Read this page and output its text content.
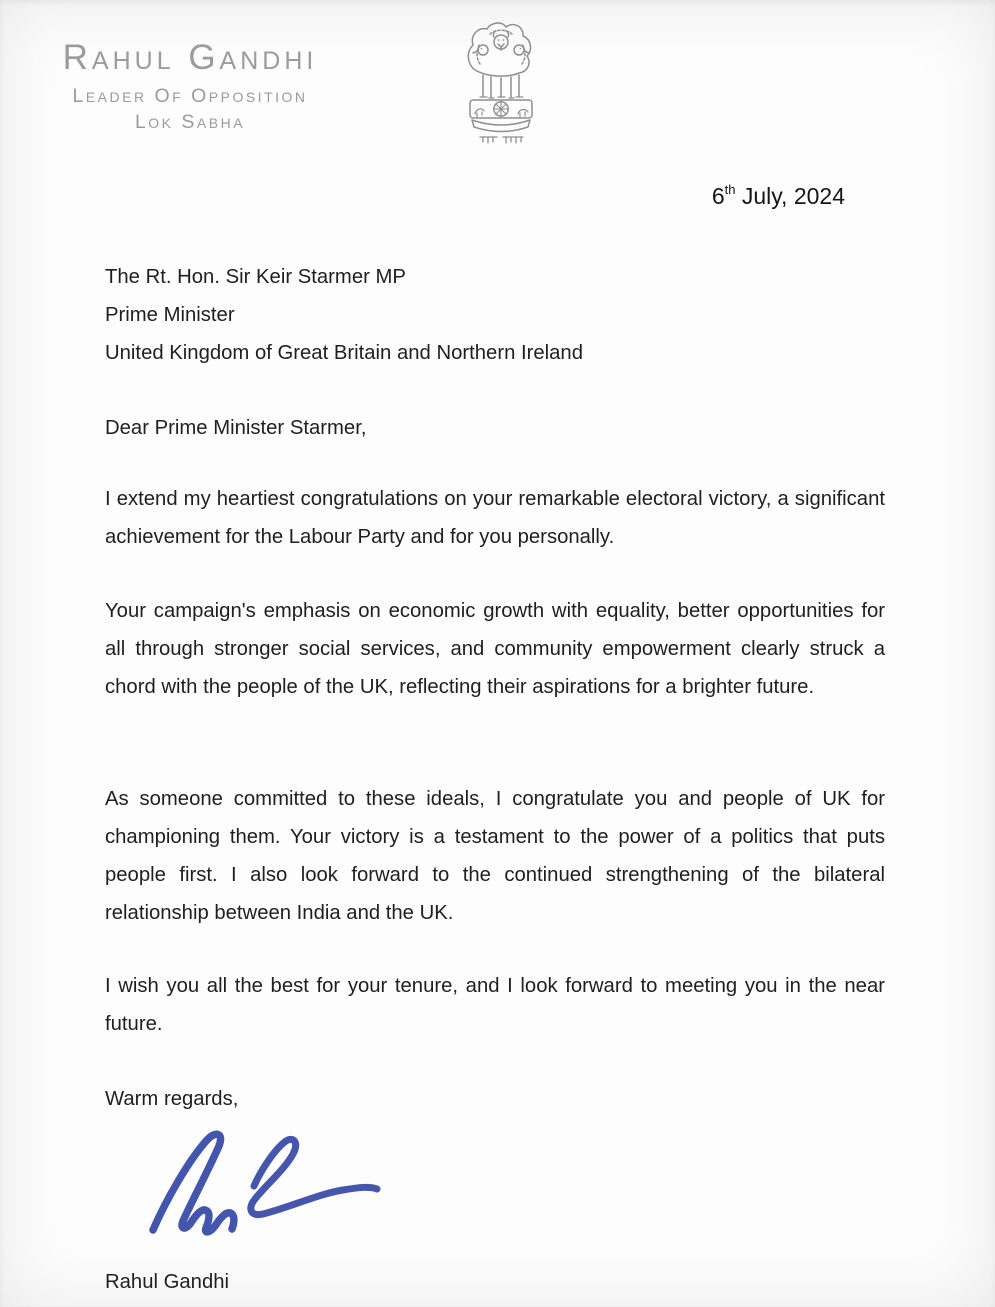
Rahul Gandhi
Leader Of Opposition
Lok Sabha
6th July, 2024
The Rt. Hon. Sir Keir Starmer MP
Prime Minister
United Kingdom of Great Britain and Northern Ireland
Dear Prime Minister Starmer,

I extend my heartiest congratulations on your remarkable electoral victory, a significant achievement for the Labour Party and for you personally.

Your campaign's emphasis on economic growth with equality, better opportunities for all through stronger social services, and community empowerment clearly struck a chord with the people of the UK, reflecting their aspirations for a brighter future.

As someone committed to these ideals, I congratulate you and people of UK for championing them. Your victory is a testament to the power of a politics that puts people first. I also look forward to the continued strengthening of the bilateral relationship between India and the UK.

I wish you all the best for your tenure, and I look forward to meeting you in the near future.

Warm regards,
Rahul Gandhi
